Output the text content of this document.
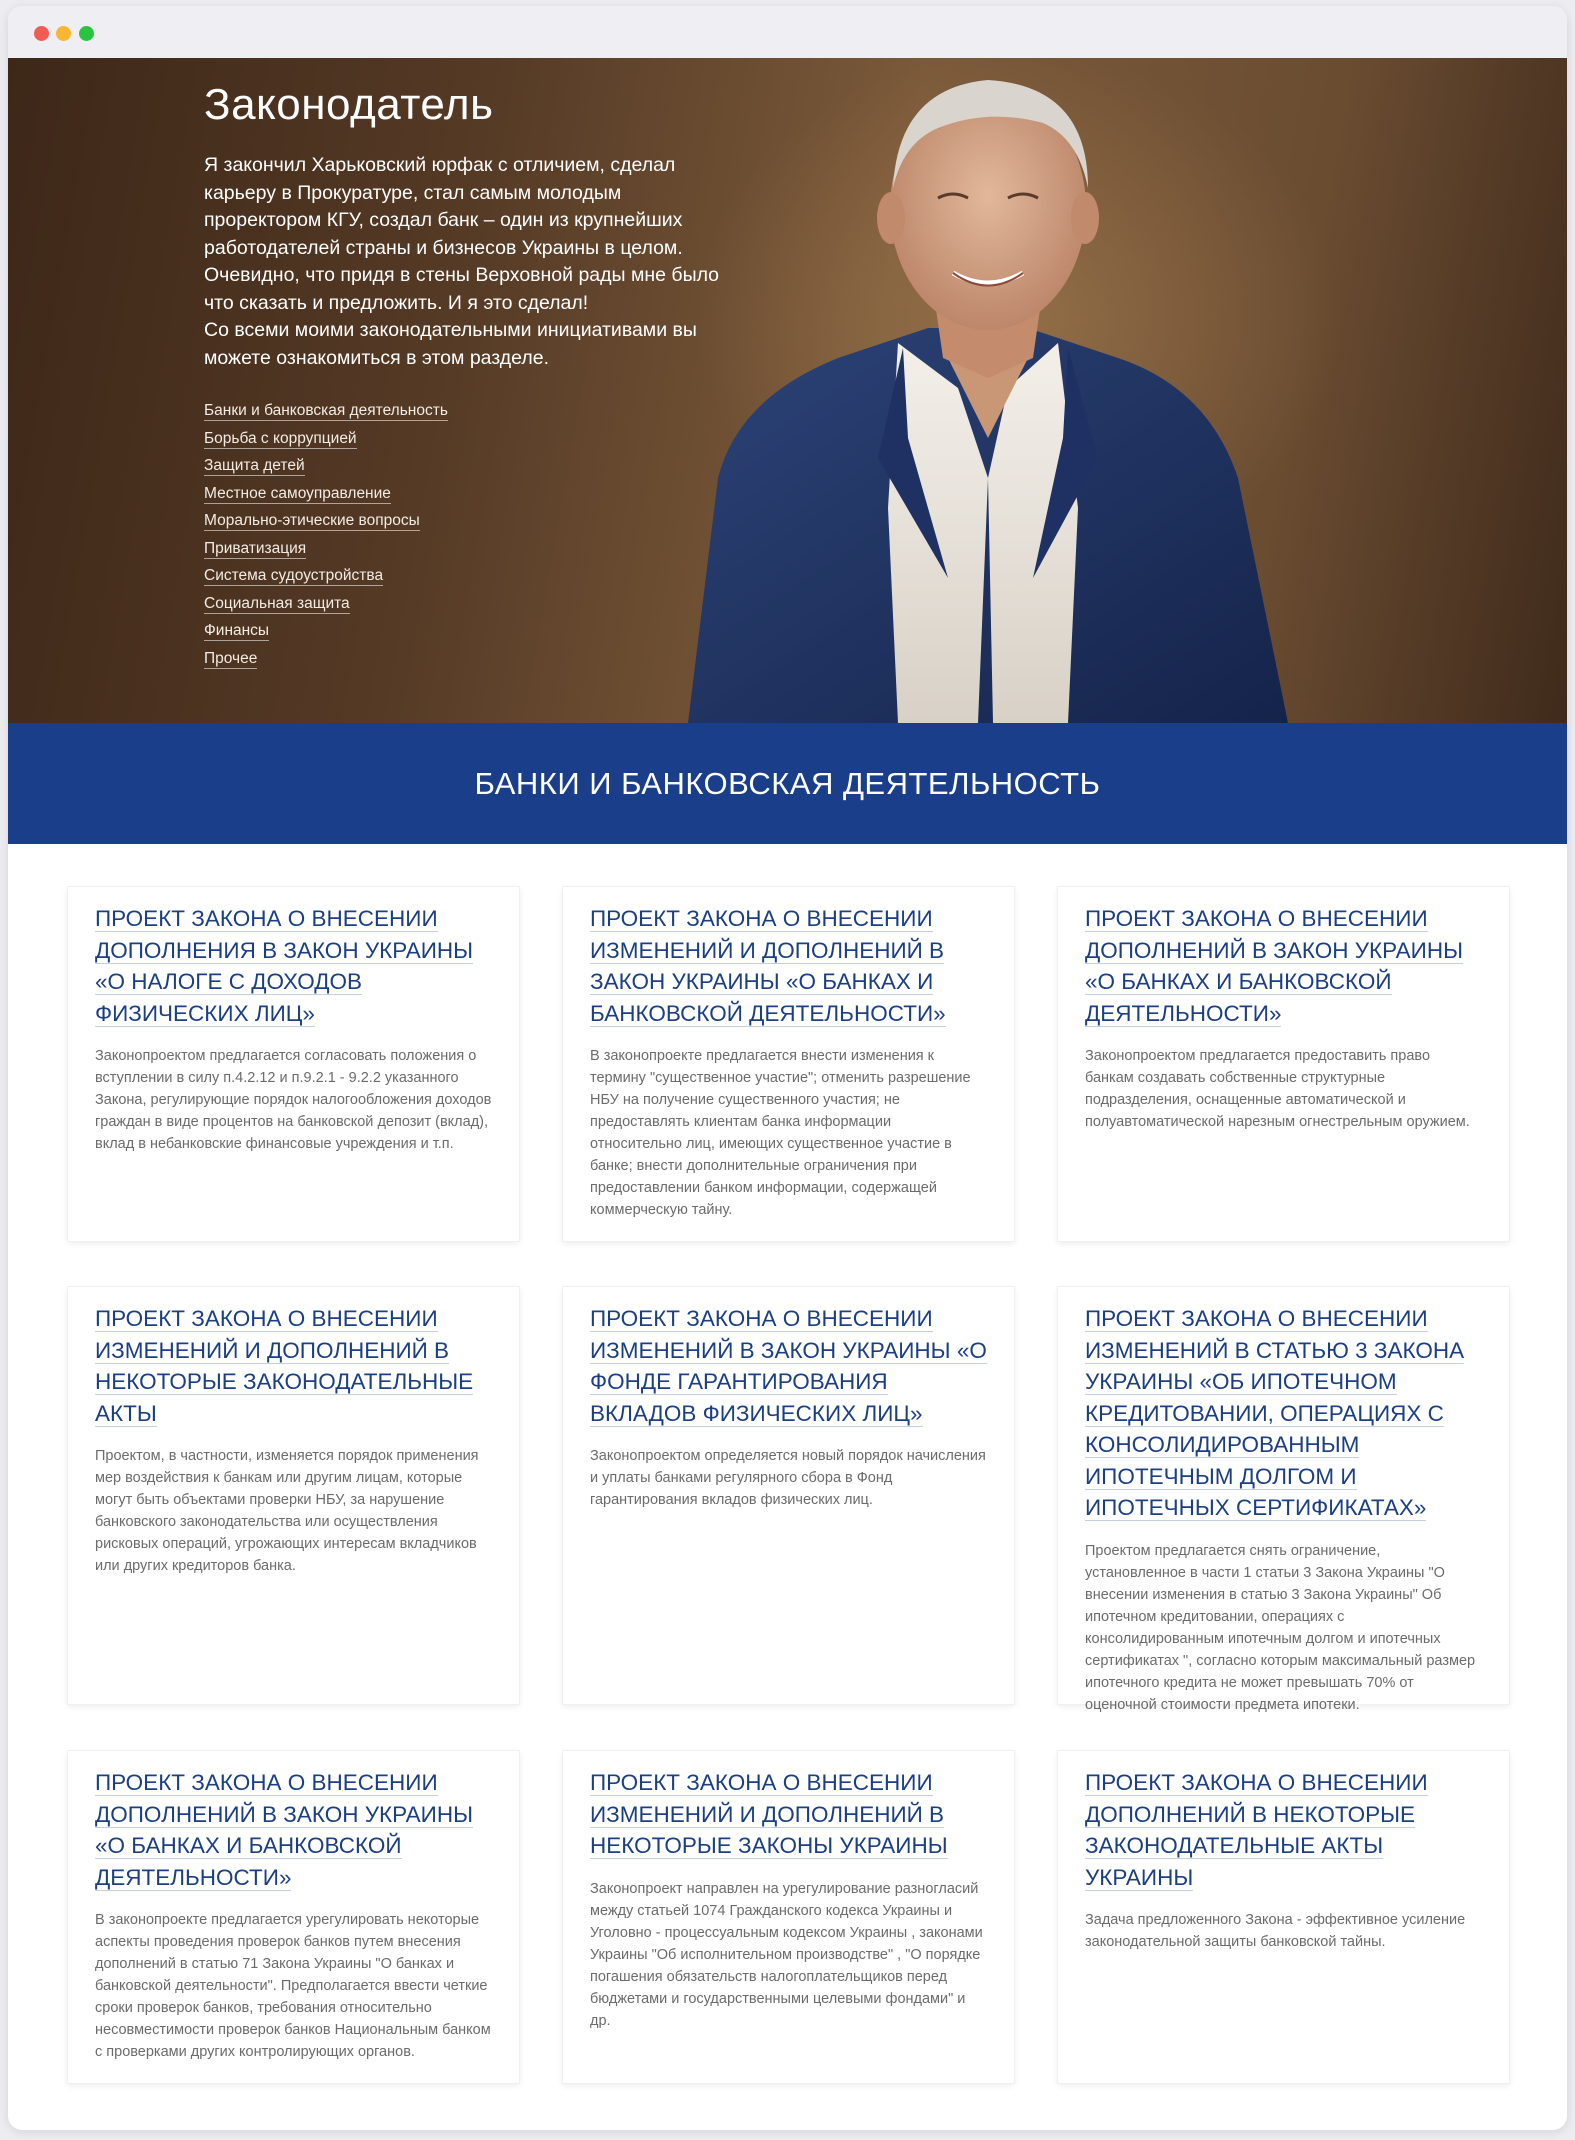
Законодатель

Я закончил Харьковский юрфак с отличием, сделал карьеру в Прокуратуре, стал самым молодым проректором КГУ, создал банк – один из крупнейших работодателей страны и бизнесов Украины в целом.

Очевидно, что придя в стены Верховной рады мне было что сказать и предложить. И я это сделал!

Со всеми моими законодательными инициативами вы можете ознакомиться в этом разделе.

Банки и банковская деятельность
Борьба с коррупцией
Защита детей
Местное самоуправление
Морально-этические вопросы
Приватизация
Система судоустройства
Социальная защита
Финансы
Прочее
БАНКИ И БАНКОВСКАЯ ДЕЯТЕЛЬНОСТЬ
ПРОЕКТ ЗАКОНА О ВНЕСЕНИИ ДОПОЛНЕНИЯ В ЗАКОН УКРАИНЫ «О НАЛОГЕ С ДОХОДОВ ФИЗИЧЕСКИХ ЛИЦ»

Законопроектом предлагается согласовать положения о вступлении в силу п.4.2.12 и п.9.2.1 - 9.2.2 указанного Закона, регулирующие порядок налогообложения доходов граждан в виде процентов на банковской депозит (вклад), вклад в небанковские финансовые учреждения и т.п.

ПРОЕКТ ЗАКОНА О ВНЕСЕНИИ ИЗМЕНЕНИЙ И ДОПОЛНЕНИЙ В ЗАКОН УКРАИНЫ «О БАНКАХ И БАНКОВСКОЙ ДЕЯТЕЛЬНОСТИ»

В законопроекте предлагается внести изменения к термину "существенное участие"; отменить разрешение НБУ на получение существенного участия; не предоставлять клиентам банка информации относительно лиц, имеющих существенное участие в банке; внести дополнительные ограничения при предоставлении банком информации, содержащей коммерческую тайну.

ПРОЕКТ ЗАКОНА О ВНЕСЕНИИ ДОПОЛНЕНИЙ В ЗАКОН УКРАИНЫ «О БАНКАХ И БАНКОВСКОЙ ДЕЯТЕЛЬНОСТИ»

Законопроектом предлагается предоставить право банкам создавать собственные структурные подразделения, оснащенные автоматической и полуавтоматической нарезным огнестрельным оружием.

ПРОЕКТ ЗАКОНА О ВНЕСЕНИИ ИЗМЕНЕНИЙ И ДОПОЛНЕНИЙ В НЕКОТОРЫЕ ЗАКОНОДАТЕЛЬНЫЕ АКТЫ

Проектом, в частности, изменяется порядок применения мер воздействия к банкам или другим лицам, которые могут быть объектами проверки НБУ, за нарушение банковского законодательства или осуществления рисковых операций, угрожающих интересам вкладчиков или других кредиторов банка.

ПРОЕКТ ЗАКОНА О ВНЕСЕНИИ ИЗМЕНЕНИЙ В ЗАКОН УКРАИНЫ «О ФОНДЕ ГАРАНТИРОВАНИЯ ВКЛАДОВ ФИЗИЧЕСКИХ ЛИЦ»

Законопроектом определяется новый порядок начисления и уплаты банками регулярного сбора в Фонд гарантирования вкладов физических лиц.

ПРОЕКТ ЗАКОНА О ВНЕСЕНИИ ИЗМЕНЕНИЙ В СТАТЬЮ 3 ЗАКОНА УКРАИНЫ «ОБ ИПОТЕЧНОМ КРЕДИТОВАНИИ, ОПЕРАЦИЯХ С КОНСОЛИДИРОВАННЫМ ИПОТЕЧНЫМ ДОЛГОМ И ИПОТЕЧНЫХ СЕРТИФИКАТАХ»

Проектом предлагается снять ограничение, установленное в части 1 статьи 3 Закона Украины "О внесении изменения в статью 3 Закона Украины" Об ипотечном кредитовании, операциях с консолидированным ипотечным долгом и ипотечных сертификатах ", согласно которым максимальный размер ипотечного кредита не может превышать 70% от оценочной стоимости предмета ипотеки.

ПРОЕКТ ЗАКОНА О ВНЕСЕНИИ ДОПОЛНЕНИЙ В ЗАКОН УКРАИНЫ «О БАНКАХ И БАНКОВСКОЙ ДЕЯТЕЛЬНОСТИ»

В законопроекте предлагается урегулировать некоторые аспекты проведения проверок банков путем внесения дополнений в статью 71 Закона Украины "О банках и банковской деятельности". Предполагается ввести четкие сроки проверок банков, требования относительно несовместимости проверок банков Национальным банком с проверками других контролирующих органов.

ПРОЕКТ ЗАКОНА О ВНЕСЕНИИ ИЗМЕНЕНИЙ И ДОПОЛНЕНИЙ В НЕКОТОРЫЕ ЗАКОНЫ УКРАИНЫ

Законопроект направлен на урегулирование разногласий между статьей 1074 Гражданского кодекса Украины и Уголовно - процессуальным кодексом Украины , законами Украины "Об исполнительном производстве" , "О порядке погашения обязательств налогоплательщиков перед бюджетами и государственными целевыми фондами" и др.

ПРОЕКТ ЗАКОНА О ВНЕСЕНИИ ДОПОЛНЕНИЙ В НЕКОТОРЫЕ ЗАКОНОДАТЕЛЬНЫЕ АКТЫ УКРАИНЫ

Задача предложенного Закона - эффективное усиление законодательной защиты банковской тайны.
